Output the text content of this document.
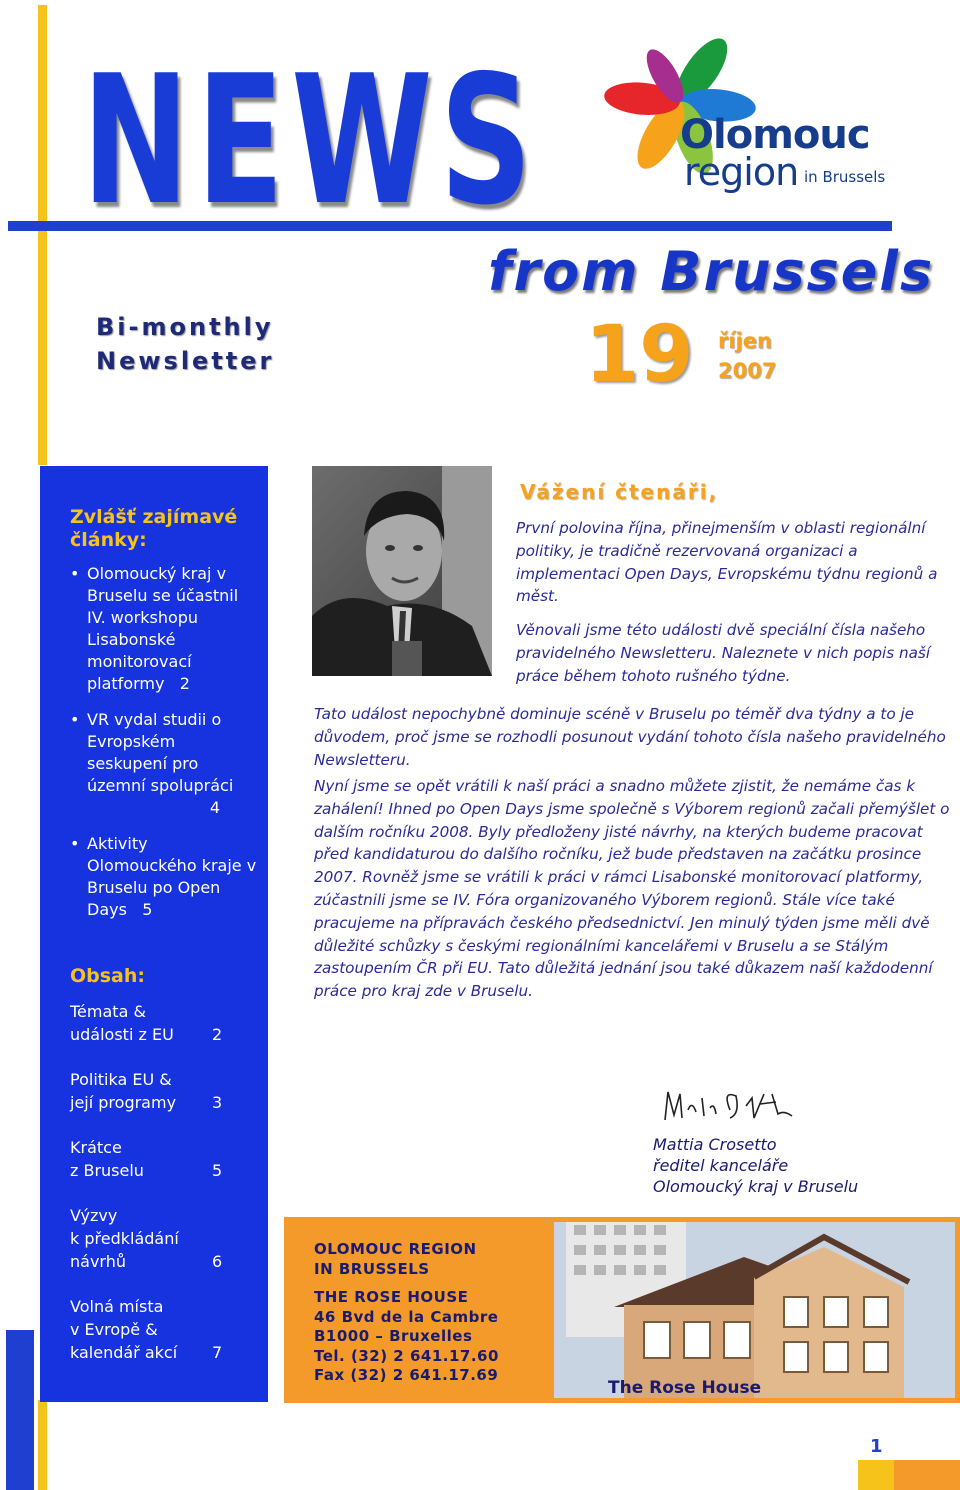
NEWS
from Brussels
Bi-monthly
Newsletter	19 říjen
2007
Olomouc
region in Brussels
Zvlášť zajímavé články:
• Olomoucký kraj v Bruselu se účastnil IV. workshopu Lisabonské monitorovací platformy 2
• VR vydal studii o Evropském seskupení pro územní spolupráci
4
• Aktivity Olomouckého kraje v Bruselu po Open Days 5
Obsah:
Témata &
události z EU	2
Politika EU &
její programy	3
Krátce
z Bruselu	5
Výzvy
k předkládání
návrhů	6
Volná místa
v Evropě &
kalendář akcí	7
Vážení čtenáři,
První polovina října, přinejmenším v oblasti regionální politiky, je tradičně rezervovaná organizaci a implementaci Open Days, Evropskému týdnu regionů a měst.
Věnovali jsme této události dvě speciální čísla našeho pravidelného Newsletteru. Naleznete v nich popis naší práce během tohoto rušného týdne.
Tato událost nepochybně dominuje scéně v Bruselu po téměř dva týdny a to je důvodem, proč jsme se rozhodli posunout vydání tohoto čísla našeho pravidelného Newsletteru.
Nyní jsme se opět vrátili k naší práci a snadno můžete zjistit, že nemáme čas k zahálení! Ihned po Open Days jsme společně s Výborem regionů začali přemýšlet o dalším ročníku 2008. Byly předloženy jisté návrhy, na kterých budeme pracovat před kandidaturou do dalšího ročníku, jež bude představen na začátku prosince 2007. Rovněž jsme se vrátili k práci v rámci Lisabonské monitorovací platformy, zúčastnili jsme se IV. Fóra organizovaného Výborem regionů. Stále více také pracujeme na přípravách českého předsednictví. Jen minulý týden jsme měli dvě důležité schůzky s českými regionálními kancelářemi v Bruselu a se Stálým zastoupením ČR při EU. Tato důležitá jednání jsou také důkazem naší každodenní práce pro kraj zde v Bruselu.
Mattia Crosetto
ředitel kanceláře
Olomoucký kraj v Bruselu
OLOMOUC REGION
IN BRUSSELS
THE ROSE HOUSE
46 Bvd de la Cambre
B1000 – Bruxelles
Tel. (32) 2 641.17.60
Fax (32) 2 641.17.69
The Rose House
1
